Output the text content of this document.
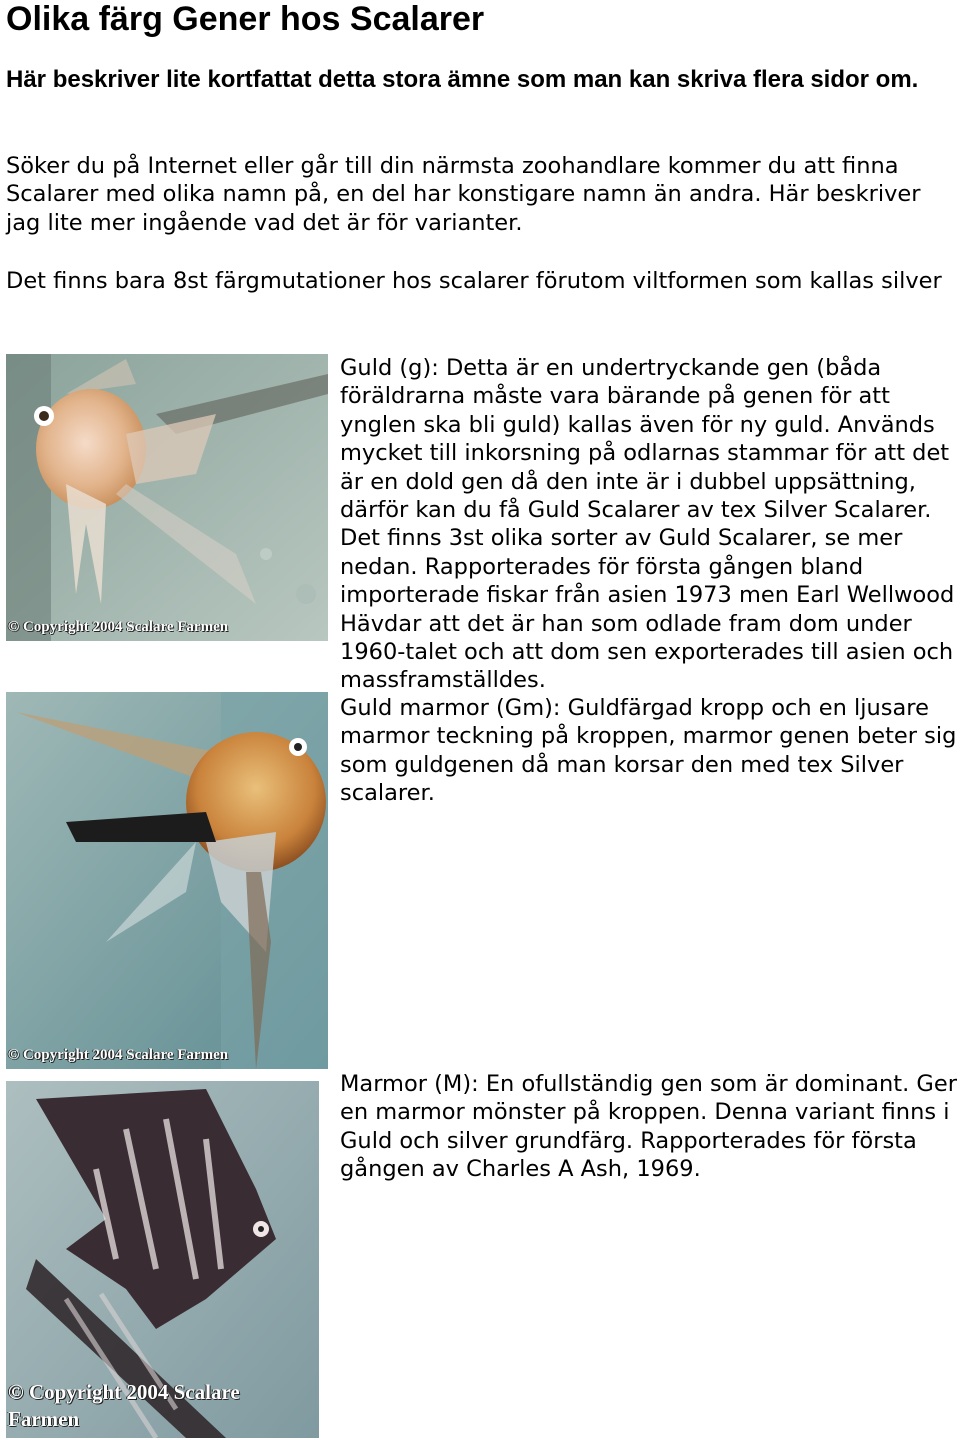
Olika färg Gener hos Scalarer

Här beskriver lite kortfattat detta stora ämne som man kan skriva flera sidor om.

Söker du på Internet eller går till din närmsta zoohandlare kommer du att finna Scalarer med olika namn på, en del har konstigare namn än andra. Här beskriver jag lite mer ingående vad det är för varianter.

Det finns bara 8st färgmutationer hos scalarer förutom viltformen som kallas silver

© Copyright 2004 Scalare Farmen
© Copyright 2004 Scalare Farmen
© Copyright 2004 Scalare
Farmen

Guld (g): Detta är en undertryckande gen (båda föräldrarna måste vara bärande på genen för att ynglen ska bli guld) kallas även för ny guld. Används mycket till inkorsning på odlarnas stammar för att det är en dold gen då den inte är i dubbel uppsättning, därför kan du få Guld Scalarer av tex Silver Scalarer. Det finns 3st olika sorter av Guld Scalarer, se mer nedan. Rapporterades för första gången bland importerade fiskar från asien 1973 men Earl Wellwood Hävdar att det är han som odlade fram dom under 1960-talet och att dom sen exporterades till asien och massframställdes.

Guld marmor (Gm): Guldfärgad kropp och en ljusare marmor teckning på kroppen, marmor genen beter sig som guldgenen då man korsar den med tex Silver scalarer.

Marmor (M): En ofullständig gen som är dominant. Ger en marmor mönster på kroppen. Denna variant finns i Guld och silver grundfärg. Rapporterades för första gången av Charles A Ash, 1969.
